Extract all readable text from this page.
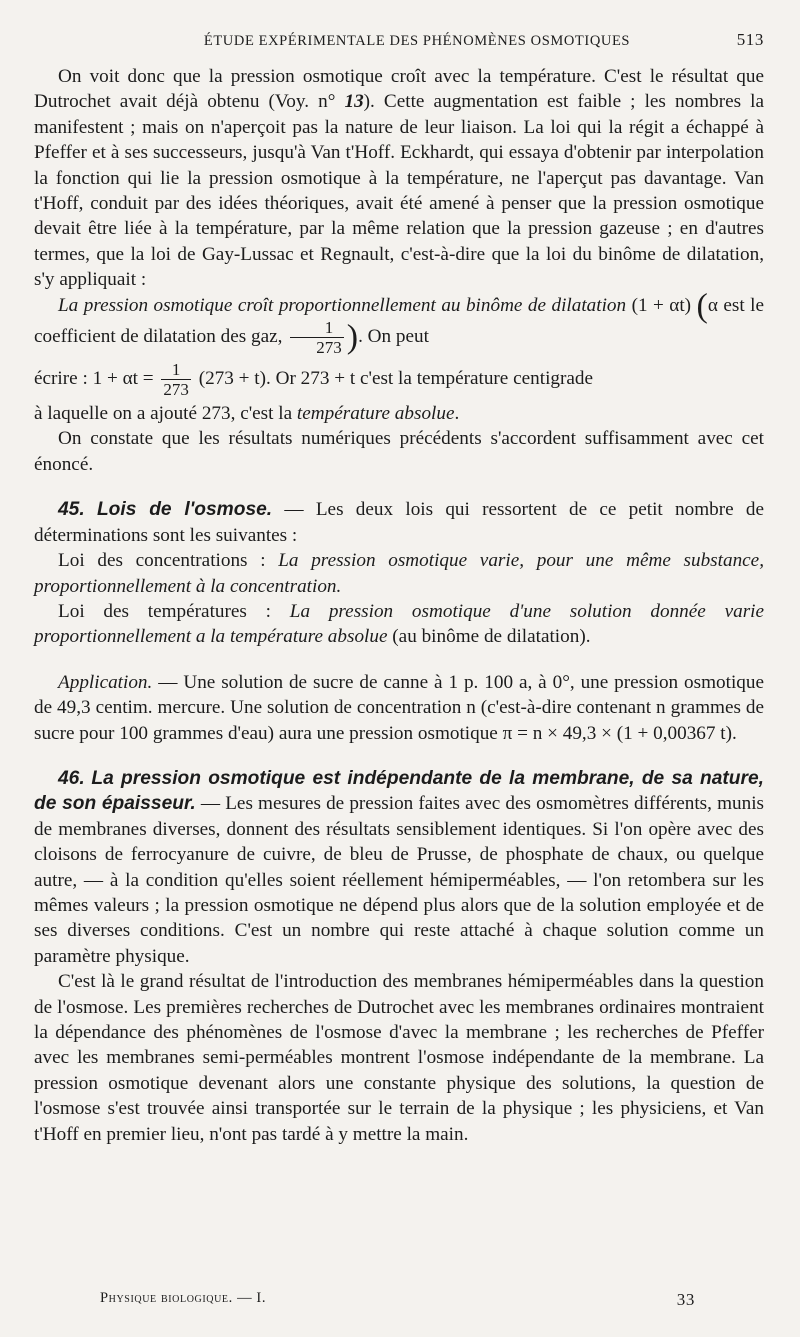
ÉTUDE EXPÉRIMENTALE DES PHÉNOMÈNES OSMOTIQUES	513

On voit donc que la pression osmotique croît avec la température. C'est le résultat que Dutrochet avait déjà obtenu (Voy. n° 13). Cette augmentation est faible ; les nombres la manifestent ; mais on n'aperçoit pas la nature de leur liaison. La loi qui la régit a échappé à Pfeffer et à ses successeurs, jusqu'à Van t'Hoff. Eckhardt, qui essaya d'obtenir par interpolation la fonction qui lie la pression osmotique à la température, ne l'aperçut pas davantage. Van t'Hoff, conduit par des idées théoriques, avait été amené à penser que la pression osmotique devait être liée à la température, par la même relation que la pression gazeuse ; en d'autres termes, que la loi de Gay-Lussac et Regnault, c'est-à-dire que la loi du binôme de dilatation, s'y appliquait :

La pression osmotique croît proportionnellement au binôme de dilatation (1 + αt) (α est le coefficient de dilatation des gaz, $\frac{1}{273}$ ). On peut

écrire : $1 + \alpha t = \frac{1}{273} (273 + t)$. Or 273 + t c'est la température centigrade

à laquelle on a ajouté 273, c'est la température absolue.

On constate que les résultats numériques précédents s'accordent suffisamment avec cet énoncé.

45. Lois de l'osmose. — Les deux lois qui ressortent de ce petit nombre de déterminations sont les suivantes :

Loi des concentrations : La pression osmotique varie, pour une même substance, proportionnellement à la concentration.

Loi des températures : La pression osmotique d'une solution donnée varie proportionnellement a la température absolue (au binôme de dilatation).

Application. — Une solution de sucre de canne à 1 p. 100 a, à 0°, une pression osmotique de 49,3 centim. mercure. Une solution de concentration n (c'est-à-dire contenant n grammes de sucre pour 100 grammes d'eau) aura une pression osmotique π = n × 49,3 × (1 + 0,00367 t).

46. La pression osmotique est indépendante de la membrane, de sa nature, de son épaisseur. — Les mesures de pression faites avec des osmomètres différents, munis de membranes diverses, donnent des résultats sensiblement identiques. Si l'on opère avec des cloisons de ferrocyanure de cuivre, de bleu de Prusse, de phosphate de chaux, ou quelque autre, — à la condition qu'elles soient réellement hémiperméables, — l'on retombera sur les mêmes valeurs ; la pression osmotique ne dépend plus alors que de la solution employée et de ses diverses conditions. C'est un nombre qui reste attaché à chaque solution comme un paramètre physique.

C'est là le grand résultat de l'introduction des membranes hémiperméables dans la question de l'osmose. Les premières recherches de Dutrochet avec les membranes ordinaires montraient la dépendance des phénomènes de l'osmose d'avec la membrane ; les recherches de Pfeffer avec les membranes semi-perméables montrent l'osmose indépendante de la membrane. La pression osmotique devenant alors une constante physique des solutions, la question de l'osmose s'est trouvée ainsi transportée sur le terrain de la physique ; les physiciens, et Van t'Hoff en premier lieu, n'ont pas tardé à y mettre la main.

Physique biologique. — I.	33
